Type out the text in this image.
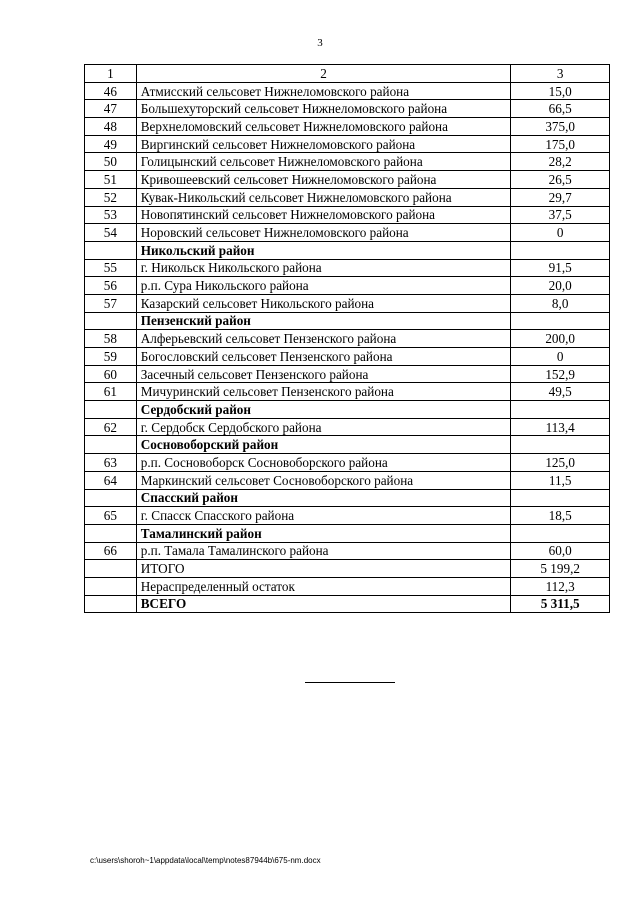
3
1	2	3
46	Атмисский сельсовет Нижнеломовского района	15,0
47	Большехуторский сельсовет Нижнеломовского района	66,5
48	Верхнеломовский сельсовет Нижнеломовского района	375,0
49	Виргинский сельсовет Нижнеломовского района	175,0
50	Голицынский сельсовет Нижнеломовского района	28,2
51	Кривошеевский сельсовет Нижнеломовского района	26,5
52	Кувак-Никольский сельсовет Нижнеломовского района	29,7
53	Новопятинский сельсовет Нижнеломовского района	37,5
54	Норовский сельсовет Нижнеломовского района	0
	Никольский район	
55	г. Никольск Никольского района	91,5
56	р.п. Сура Никольского района	20,0
57	Казарский сельсовет Никольского района	8,0
	Пензенский район	
58	Алферьевский сельсовет Пензенского района	200,0
59	Богословский сельсовет Пензенского района	0
60	Засечный сельсовет Пензенского района	152,9
61	Мичуринский сельсовет Пензенского района	49,5
	Сердобский район	
62	г. Сердобск Сердобского района	113,4
	Сосновоборский район	
63	р.п. Сосновоборск Сосновоборского района	125,0
64	Маркинский сельсовет Сосновоборского района	11,5
	Спасский район	
65	г. Спасск Спасского района	18,5
	Тамалинский район	
66	р.п. Тамала Тамалинского района	60,0
	ИТОГО	5 199,2
	Нераспределенный остаток	112,3
	ВСЕГО	5 311,5
c:\users\shoroh~1\appdata\local\temp\notes87944b\675-nm.docx
